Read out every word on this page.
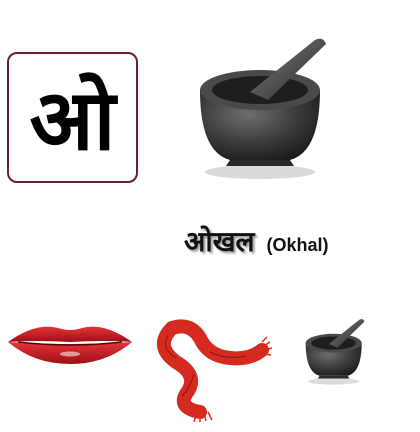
ओ
ओखल (Okhal)
